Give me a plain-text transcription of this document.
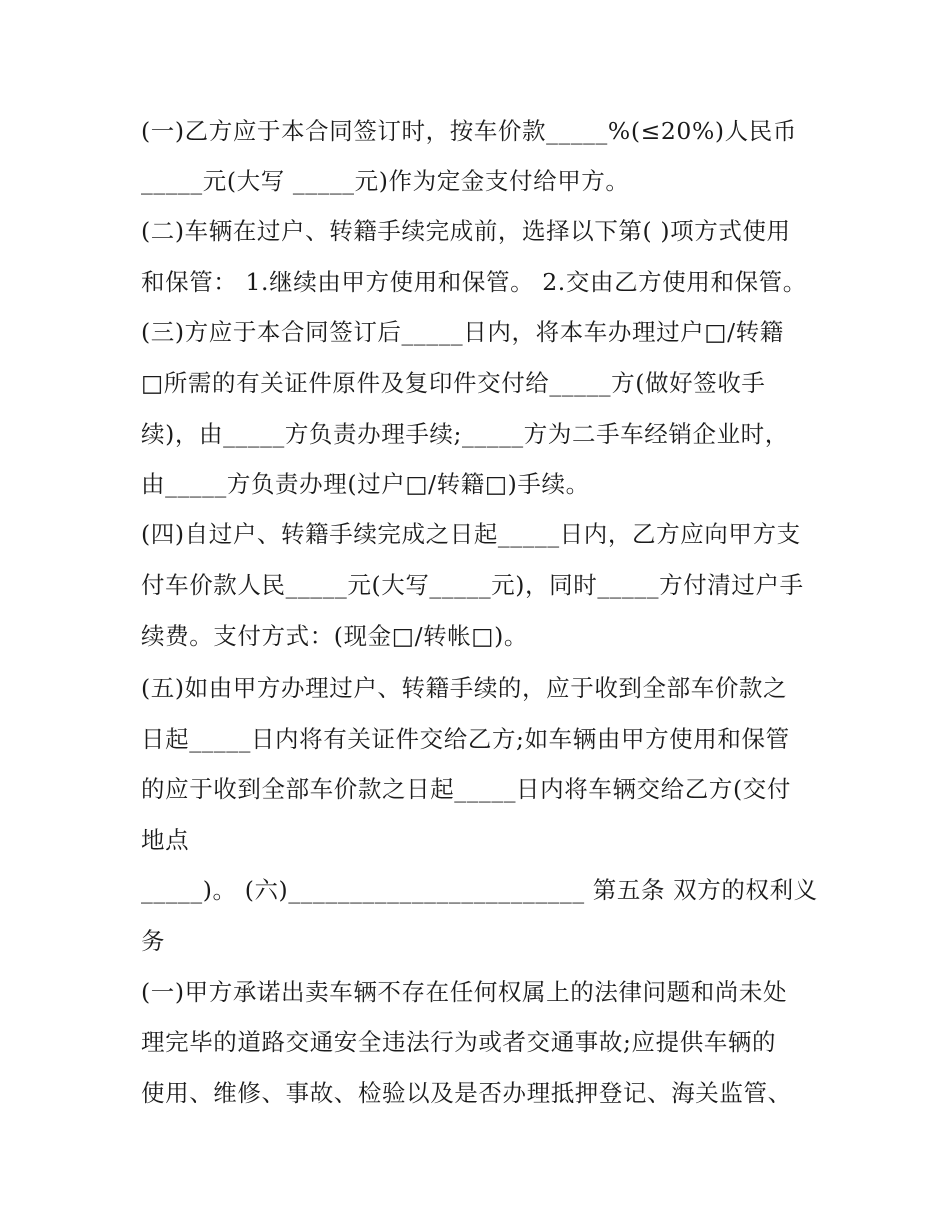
(一)乙方应于本合同签订时，按车价款_____%(≤20%)人民币
_____元(大写 _____元)作为定金支付给甲方。
(二)车辆在过户、转籍手续完成前，选择以下第( )项方式使用
和保管： 1.继续由甲方使用和保管。 2.交由乙方使用和保管。
(三)方应于本合同签订后_____日内，将本车办理过户□/转籍
□所需的有关证件原件及复印件交付给_____方(做好签收手
续)，由_____方负责办理手续;_____方为二手车经销企业时，
由_____方负责办理(过户□/转籍□)手续。
(四)自过户、转籍手续完成之日起_____日内，乙方应向甲方支
付车价款人民_____元(大写_____元)，同时_____方付清过户手
续费。支付方式：(现金□/转帐□)。
(五)如由甲方办理过户、转籍手续的，应于收到全部车价款之
日起_____日内将有关证件交给乙方;如车辆由甲方使用和保管
的应于收到全部车价款之日起_____日内将车辆交给乙方(交付
地点
_____)。 (六)________________________ 第五条 双方的权利义
务
(一)甲方承诺出卖车辆不存在任何权属上的法律问题和尚未处
理完毕的道路交通安全违法行为或者交通事故;应提供车辆的
使用、维修、事故、检验以及是否办理抵押登记、海关监管、
